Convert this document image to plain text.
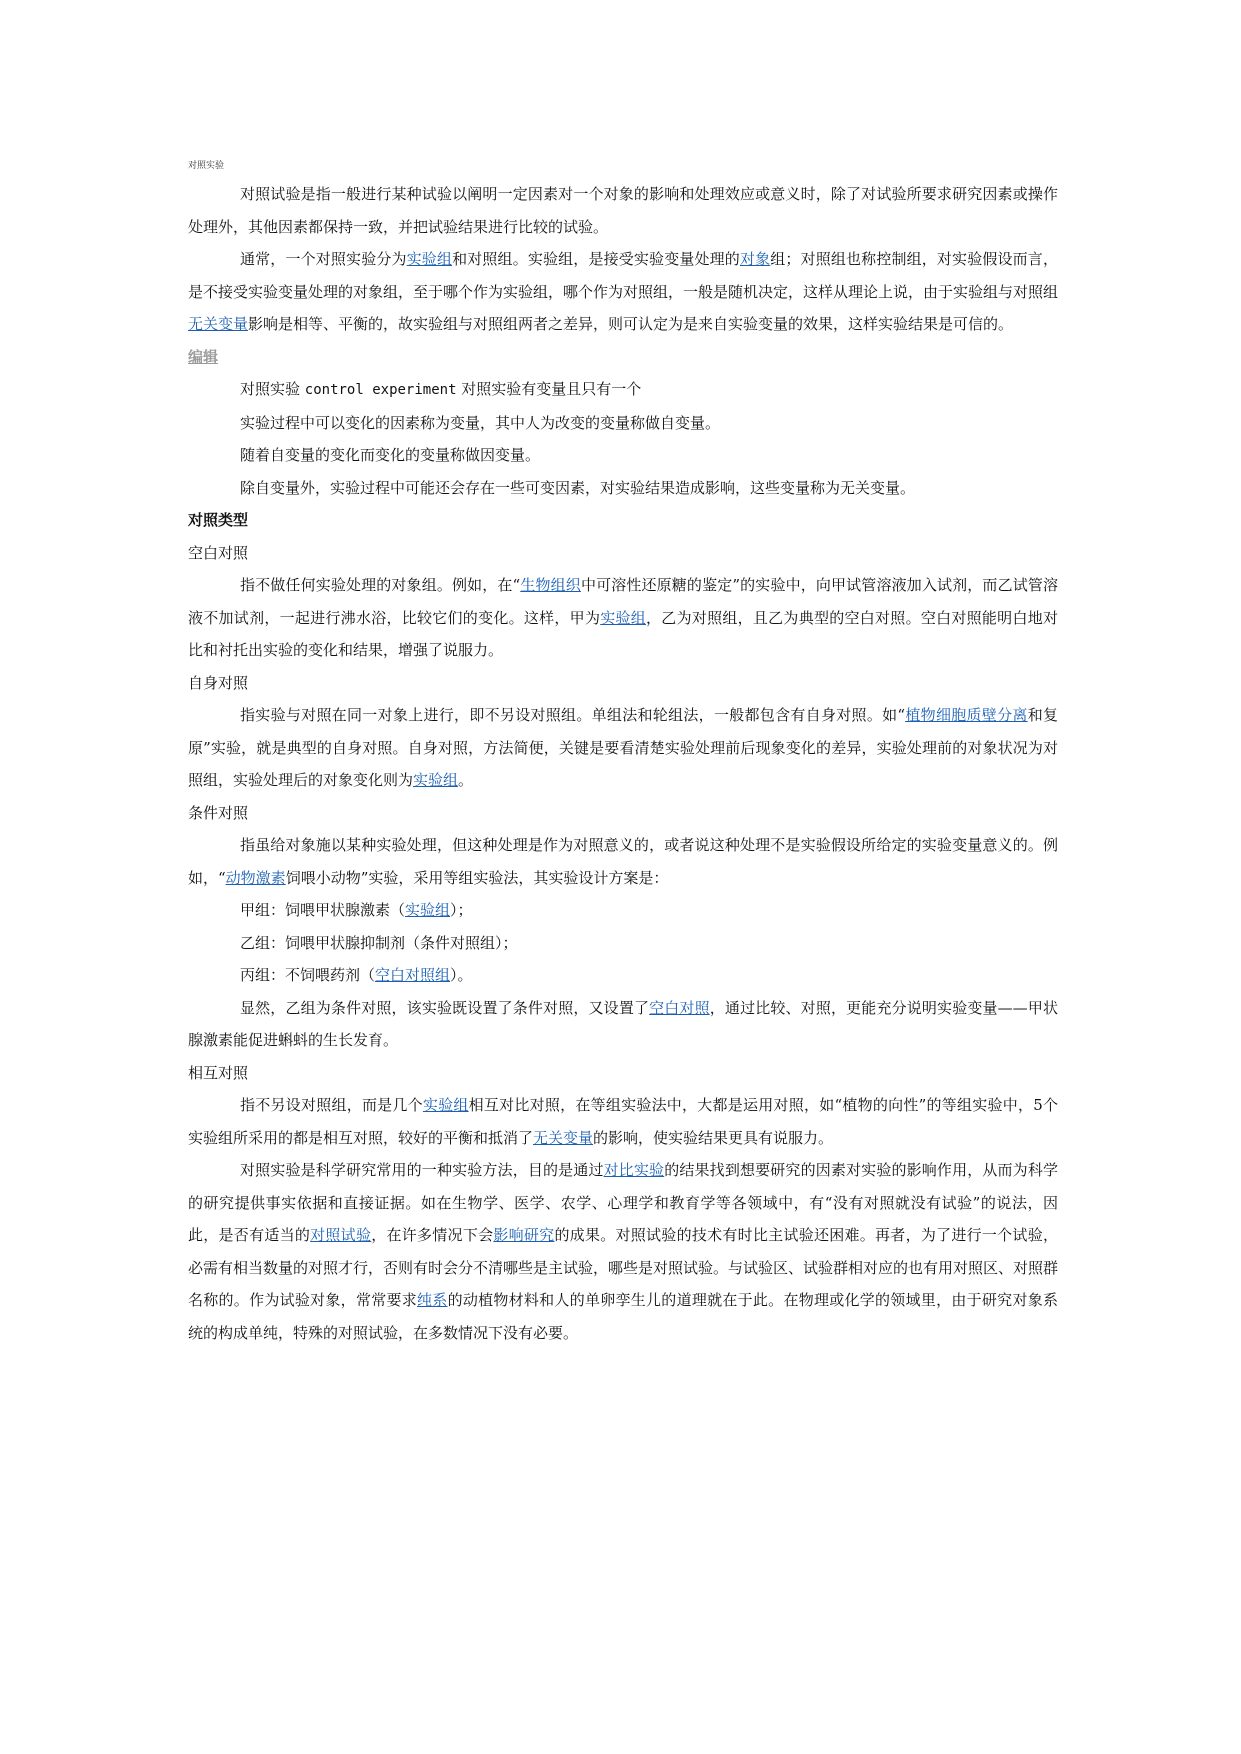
对照实验

对照试验是指一般进行某种试验以阐明一定因素对一个对象的影响和处理效应或意义时，除了对试验所要求研究因素或操作处理外，其他因素都保持一致，并把试验结果进行比较的试验。

通常，一个对照实验分为实验组和对照组。实验组，是接受实验变量处理的对象组；对照组也称控制组，对实验假设而言，是不接受实验变量处理的对象组，至于哪个作为实验组，哪个作为对照组，一般是随机决定，这样从理论上说，由于实验组与对照组无关变量影响是相等、平衡的，故实验组与对照组两者之差异，则可认定为是来自实验变量的效果，这样实验结果是可信的。

编辑
对照实验 control experiment 对照实验有变量且只有一个
实验过程中可以变化的因素称为变量，其中人为改变的变量称做自变量。
随着自变量的变化而变化的变量称做因变量。
除自变量外，实验过程中可能还会存在一些可变因素，对实验结果造成影响，这些变量称为无关变量。
对照类型
空白对照

指不做任何实验处理的对象组。例如，在“生物组织中可溶性还原糖的鉴定”的实验中，向甲试管溶液加入试剂，而乙试管溶液不加试剂，一起进行沸水浴，比较它们的变化。这样，甲为实验组，乙为对照组，且乙为典型的空白对照。空白对照能明白地对比和衬托出实验的变化和结果，增强了说服力。

自身对照

指实验与对照在同一对象上进行，即不另设对照组。单组法和轮组法，一般都包含有自身对照。如“植物细胞质壁分离和复原”实验，就是典型的自身对照。自身对照，方法简便，关键是要看清楚实验处理前后现象变化的差异，实验处理前的对象状况为对照组，实验处理后的对象变化则为实验组。

条件对照

指虽给对象施以某种实验处理，但这种处理是作为对照意义的，或者说这种处理不是实验假设所给定的实验变量意义的。例如，“动物激素饲喂小动物”实验，采用等组实验法，其实验设计方案是：

甲组：饲喂甲状腺激素（实验组）；
乙组：饲喂甲状腺抑制剂（条件对照组）；
丙组：不饲喂药剂（空白对照组）。

显然，乙组为条件对照，该实验既设置了条件对照，又设置了空白对照，通过比较、对照，更能充分说明实验变量——甲状腺激素能促进蝌蚪的生长发育。

相互对照

指不另设对照组，而是几个实验组相互对比对照，在等组实验法中，大都是运用对照，如“植物的向性”的等组实验中，5个实验组所采用的都是相互对照，较好的平衡和抵消了无关变量的影响，使实验结果更具有说服力。

对照实验是科学研究常用的一种实验方法，目的是通过对比实验的结果找到想要研究的因素对实验的影响作用，从而为科学的研究提供事实依据和直接证据。如在生物学、医学、农学、心理学和教育学等各领域中，有“没有对照就没有试验”的说法，因此，是否有适当的对照试验，在许多情况下会影响研究的成果。对照试验的技术有时比主试验还困难。再者，为了进行一个试验，必需有相当数量的对照才行，否则有时会分不清哪些是主试验，哪些是对照试验。与试验区、试验群相对应的也有用对照区、对照群名称的。作为试验对象，常常要求纯系的动植物材料和人的单卵孪生儿的道理就在于此。在物理或化学的领域里，由于研究对象系统的构成单纯，特殊的对照试验，在多数情况下没有必要。
